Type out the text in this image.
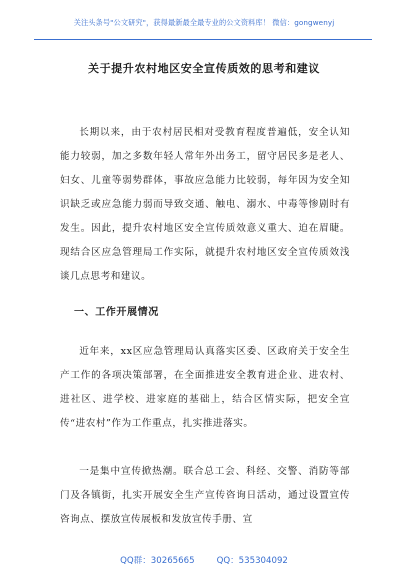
关注头条号"公文研究"，获得最新最全最专业的公文资料库！ 微信：gongwenyj
关于提升农村地区安全宣传质效的思考和建议

长期以来，由于农村居民相对受教育程度普遍低，安全认知能力较弱，加之多数年轻人常年外出务工，留守居民多是老人、妇女、儿童等弱势群体，事故应急能力比较弱，每年因为安全知识缺乏或应急能力弱而导致交通、触电、溺水、中毒等惨剧时有发生。因此，提升农村地区安全宣传质效意义重大、迫在眉睫。现结合区应急管理局工作实际，就提升农村地区安全宣传质效浅谈几点思考和建议。

一、工作开展情况

近年来，xx区应急管理局认真落实区委、区政府关于安全生产工作的各项决策部署，在全面推进安全教育进企业、进农村、进社区、进学校、进家庭的基础上，结合区情实际，把安全宣传“进农村”作为工作重点，扎实推进落实。

一是集中宣传掀热潮。联合总工会、科经、交警、消防等部门及各镇街，扎实开展安全生产宣传咨询日活动，通过设置宣传咨询点、摆放宣传展板和发放宣传手册、宣

QQ群：30265665	QQ：535304092
